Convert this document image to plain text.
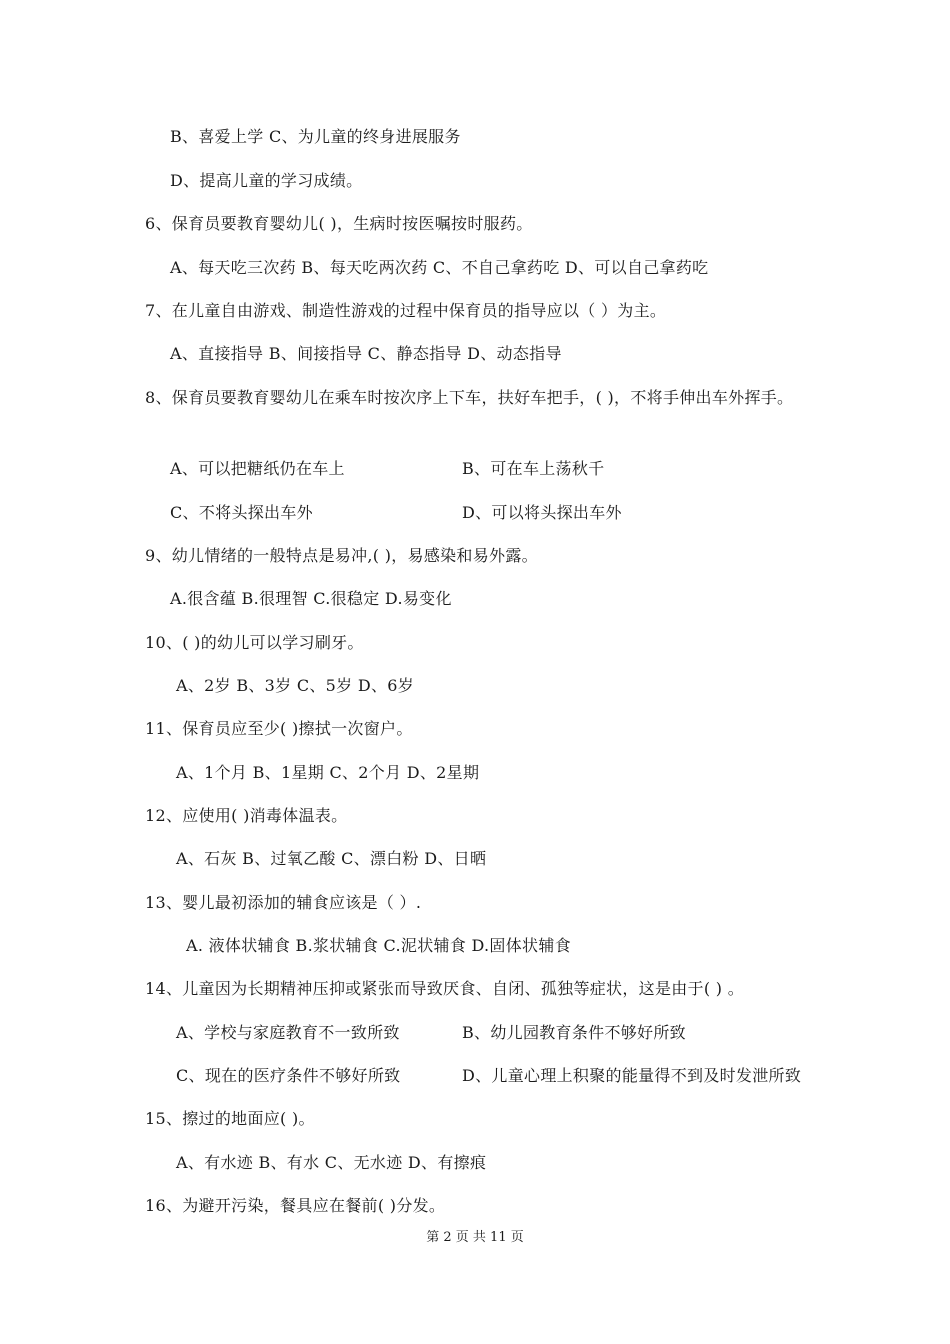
B、喜爱上学 C、为儿童的终身进展服务
D、提高儿童的学习成绩。
6、保育员要教育婴幼儿( )，生病时按医嘱按时服药。
A、每天吃三次药 B、每天吃两次药 C、不自己拿药吃 D、可以自己拿药吃
7、在儿童自由游戏、制造性游戏的过程中保育员的指导应以（ ）为主。
A、直接指导 B、间接指导 C、静态指导 D、动态指导
8、保育员要教育婴幼儿在乘车时按次序上下车，扶好车把手，( )，不将手伸出车外挥手。
A、可以把糖纸仍在车上	B、可在车上荡秋千
C、不将头探出车外	D、可以将头探出车外
9、幼儿情绪的一般特点是易冲,( )，易感染和易外露。
A.很含蕴 B.很理智 C.很稳定 D.易变化
10、( )的幼儿可以学习刷牙。
A、2岁 B、3岁 C、5岁 D、6岁
11、保育员应至少( )擦拭一次窗户。
A、1个月 B、1星期 C、2个月 D、2星期
12、应使用( )消毒体温表。
A、石灰 B、过氧乙酸 C、漂白粉 D、日晒
13、婴儿最初添加的辅食应该是（ ）.
A. 液体状辅食 B.浆状辅食 C.泥状辅食 D.固体状辅食
14、儿童因为长期精神压抑或紧张而导致厌食、自闭、孤独等症状，这是由于( ) 。
A、学校与家庭教育不一致所致	B、幼儿园教育条件不够好所致
C、现在的医疗条件不够好所致	D、儿童心理上积聚的能量得不到及时发泄所致
15、擦过的地面应( )。
A、有水迹 B、有水 C、无水迹 D、有擦痕
16、为避开污染，餐具应在餐前( )分发。
第 2 页 共 11 页
